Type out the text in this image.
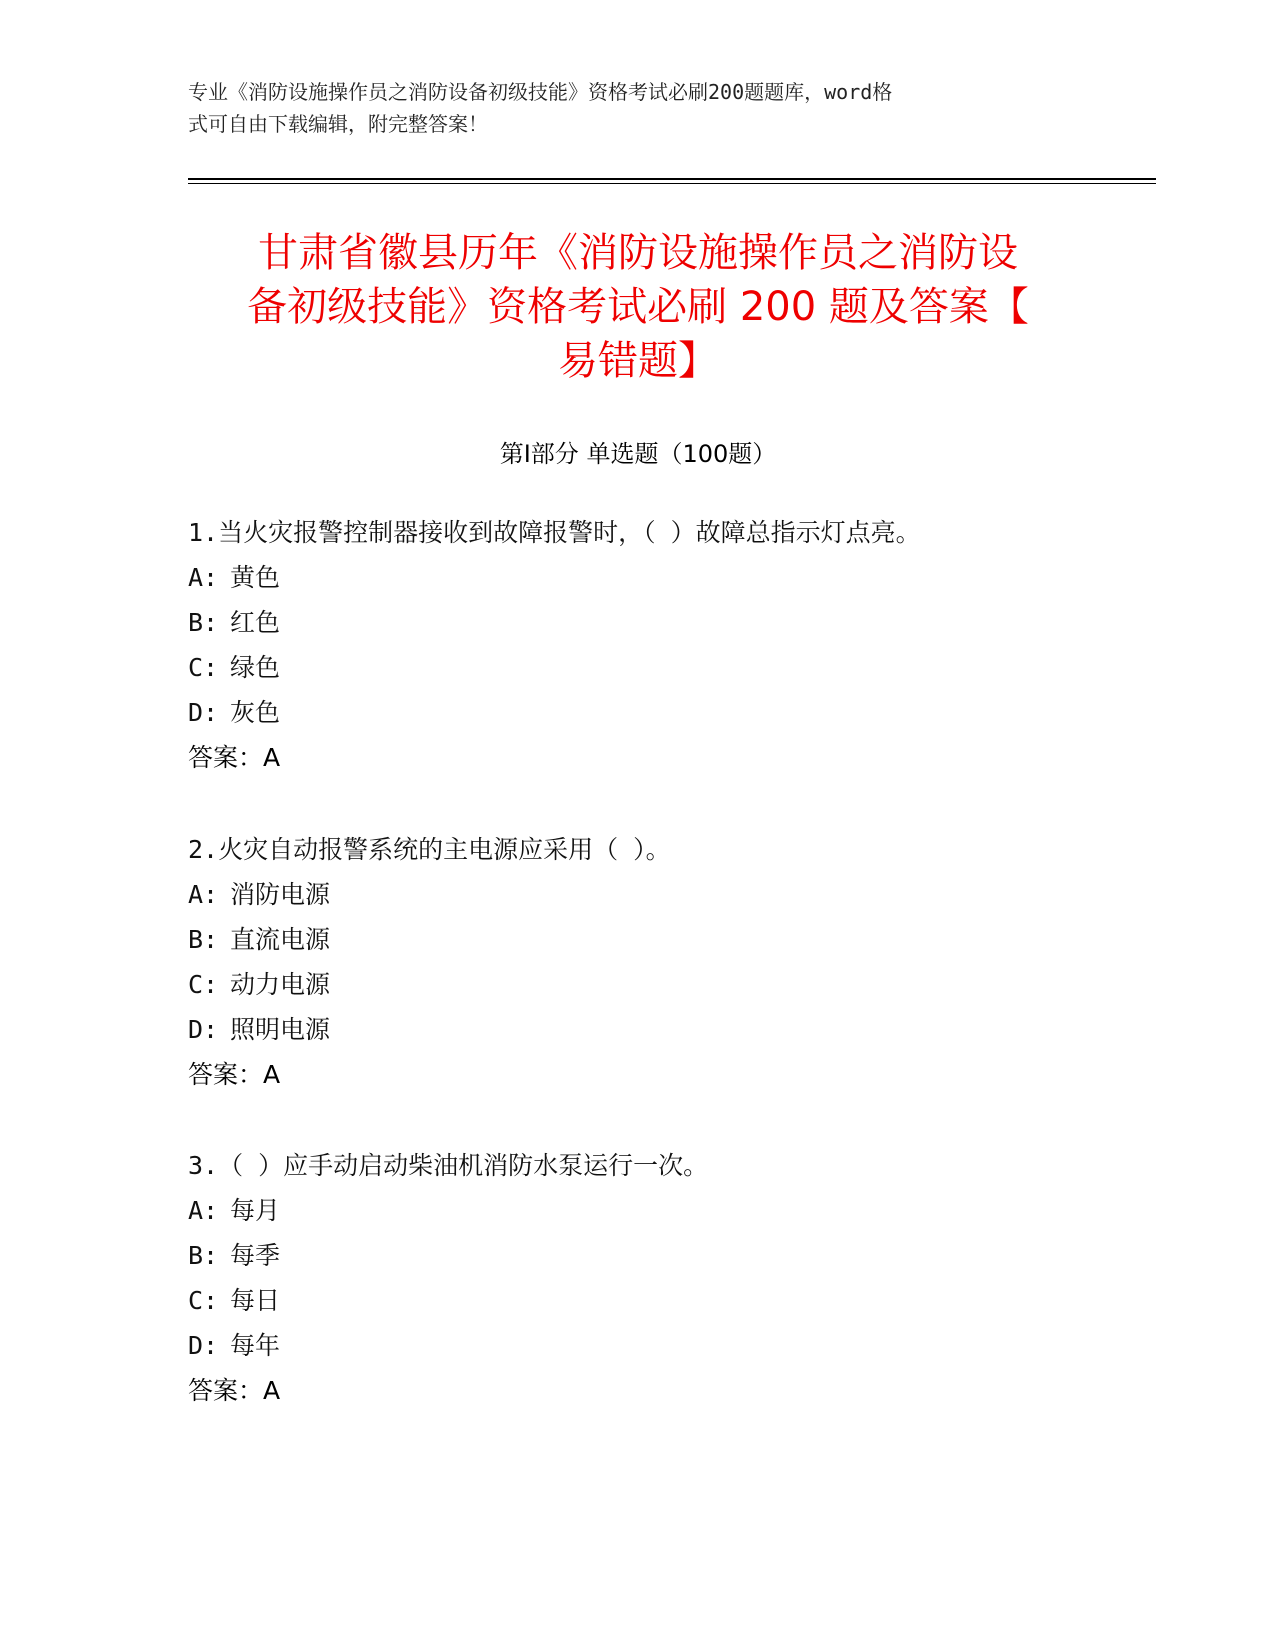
专业《消防设施操作员之消防设备初级技能》资格考试必刷200题题库，word格
式可自由下载编辑，附完整答案！
甘肃省徽县历年《消防设施操作员之消防设
备初级技能》资格考试必刷 200 题及答案【
易错题】
第Ⅰ部分 单选题（100题）
1.当火灾报警控制器接收到故障报警时，（ ）故障总指示灯点亮。
A: 黄色
B: 红色
C: 绿色
D: 灰色
答案：A
2.火灾自动报警系统的主电源应采用（ ）。
A: 消防电源
B: 直流电源
C: 动力电源
D: 照明电源
答案：A
3.（ ）应手动启动柴油机消防水泵运行一次。
A: 每月
B: 每季
C: 每日
D: 每年
答案：A
